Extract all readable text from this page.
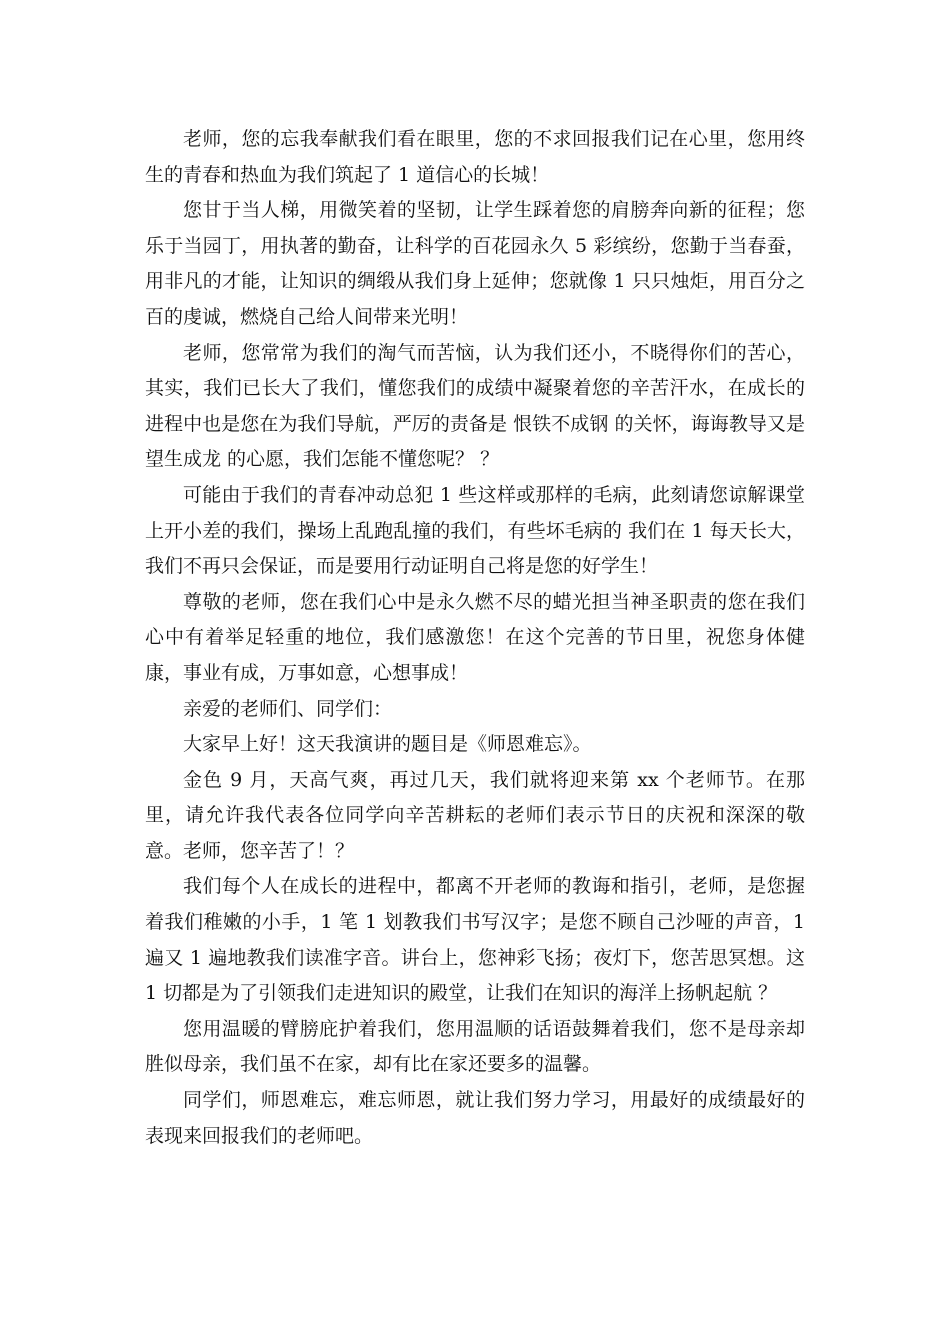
老师，您的忘我奉献我们看在眼里，您的不求回报我们记在心里，您用终生的青春和热血为我们筑起了 1 道信心的长城！

您甘于当人梯，用微笑着的坚韧，让学生踩着您的肩膀奔向新的征程；您乐于当园丁，用执著的勤奋，让科学的百花园永久 5 彩缤纷，您勤于当春蚕，用非凡的才能，让知识的绸缎从我们身上延伸；您就像 1 只只烛炬，用百分之百的虔诚，燃烧自己给人间带来光明！

老师，您常常为我们的淘气而苦恼，认为我们还小，不晓得你们的苦心，其实，我们已长大了我们，懂您我们的成绩中凝聚着您的辛苦汗水，在成长的进程中也是您在为我们导航，严厉的责备是 恨铁不成钢 的关怀，诲诲教导又是望生成龙 的心愿，我们怎能不懂您呢？ ？

可能由于我们的青春冲动总犯 1 些这样或那样的毛病，此刻请您谅解课堂上开小差的我们，操场上乱跑乱撞的我们，有些坏毛病的 我们在 1 每天长大，我们不再只会保证，而是要用行动证明自己将是您的好学生！

尊敬的老师，您在我们心中是永久燃不尽的蜡光担当神圣职责的您在我们心中有着举足轻重的地位，我们感激您！在这个完善的节日里，祝您身体健康，事业有成，万事如意，心想事成！

亲爱的老师们、同学们：

大家早上好！这天我演讲的题目是《师恩难忘》。

金色 9 月，天高气爽，再过几天，我们就将迎来第 xx 个老师节。在那里，请允许我代表各位同学向辛苦耕耘的老师们表示节日的庆祝和深深的敬意。老师，您辛苦了！？

我们每个人在成长的进程中，都离不开老师的教诲和指引，老师，是您握着我们稚嫩的小手，1 笔 1 划教我们书写汉字；是您不顾自己沙哑的声音，1 遍又 1 遍地教我们读准字音。讲台上，您神彩飞扬；夜灯下，您苦思冥想。这 1 切都是为了引领我们走进知识的殿堂，让我们在知识的海洋上扬帆起航 ？

您用温暖的臂膀庇护着我们，您用温顺的话语鼓舞着我们，您不是母亲却胜似母亲，我们虽不在家，却有比在家还要多的温馨。

同学们，师恩难忘，难忘师恩，就让我们努力学习，用最好的成绩最好的表现来回报我们的老师吧。
